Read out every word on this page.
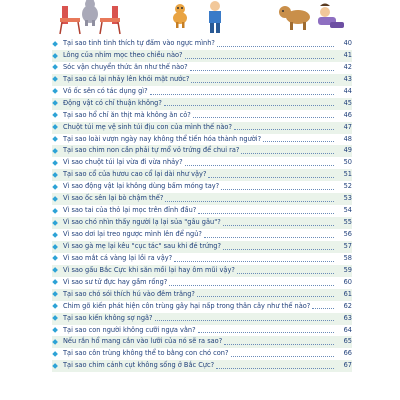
Tại sao tinh tinh thích tự đấm vào ngực mình?	40
Lông của nhím mọc theo chiều nào?	41
Sóc vận chuyển thức ăn như thế nào?	42
Tại sao cá lại nhảy lên khỏi mặt nước?	43
Vỏ ốc sên có tác dụng gì?	44
Động vật có chỉ thuận không?	45
Tại sao hổ chỉ ăn thịt mà không ăn cỏ?	46
Chuột túi mẹ vệ sinh túi địu con của mình thế nào?	47
Tại sao loài vượn ngày nay không thể tiến hóa thành người?	48
Tại sao chim non cần phải tự mổ vỏ trứng để chui ra?	49
Vì sao chuột túi lại vừa đi vừa nhảy?	50
Tại sao cổ của hươu cao cổ lại dài như vậy?	51
Vì sao động vật lại không dùng bấm móng tay?	52
Vì sao ốc sên lại bò chậm thế?	53
Vì sao tai của thỏ lại mọc trên đỉnh đầu?	54
Vì sao chó nhìn thấy người lạ lại sủa "gâu gâu"?	55
Vì sao dơi lại treo ngược mình lên để ngủ?	56
Vì sao gà mẹ lại kêu "cục tác" sau khi đẻ trứng?	57
Vì sao mắt cá vàng lại lồi ra vậy?	58
Vì sao gấu Bắc Cực khi săn mồi lại hay ôm mũi vậy?	59
Vì sao sư tử đực hay gầm rống?	60
Tại sao chó sói thích hú vào đêm trăng?	61
Chim gõ kiến phát hiện côn trùng gây hại nấp trong thân cây như thế nào?	62
Tại sao kiến không sợ ngã?	63
Tại sao con người không cưỡi ngựa vằn?	64
Nếu rắn hổ mang cắn vào lưỡi của nó sẽ ra sao?	65
Tại sao côn trùng không thể to bằng con chó con?	66
Tại sao chim cánh cụt không sống ở Bắc Cực?	67
